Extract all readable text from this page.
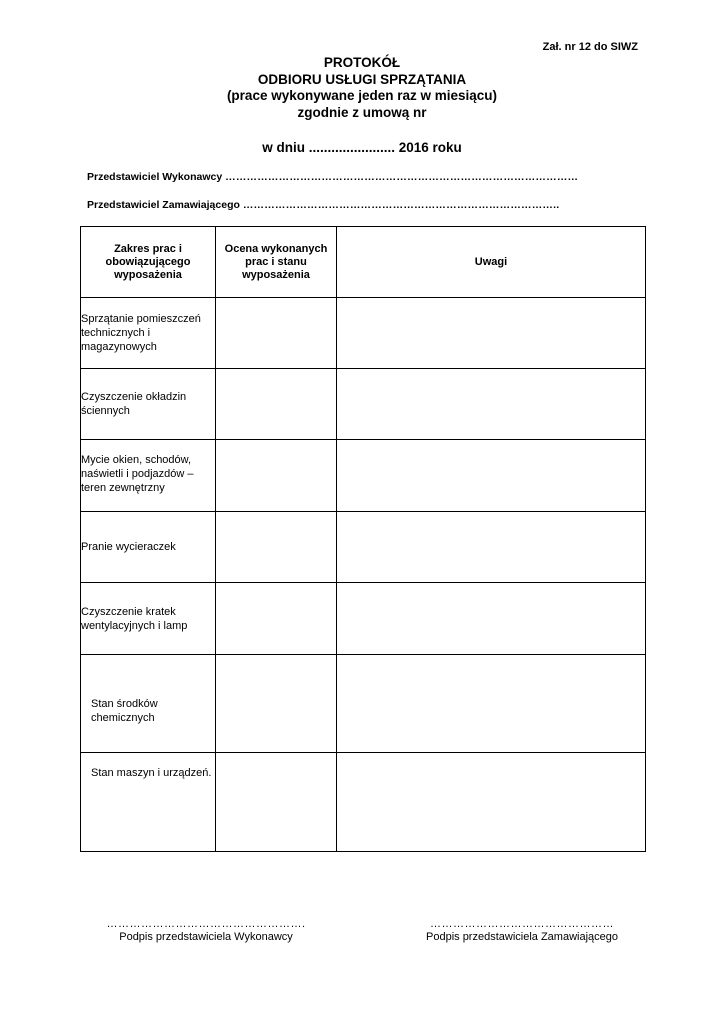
Zał. nr 12 do SIWZ
PROTOKÓŁ
ODBIORU USŁUGI SPRZĄTANIA
(prace wykonywane jeden raz w miesiącu)
zgodnie z umową nr
w dniu ....................... 2016 roku
Przedstawiciel Wykonawcy ………………………………………………………………………………………
Przedstawiciel Zamawiającego ……………………………………………………………………………..
Zakres prac i obowiązującego wyposażenia	Ocena wykonanych prac i stanu wyposażenia	Uwagi
Sprzątanie pomieszczeń technicznych i magazynowych		
Czyszczenie okładzin ściennych		
Mycie okien, schodów, naświetli i podjazdów – teren zewnętrzny		
Pranie wycieraczek		
Czyszczenie kratek wentylacyjnych i lamp		
Stan środków chemicznych		
Stan maszyn i urządzeń.		
…………………………………………….
Podpis przedstawiciela Wykonawcy
…………………………………………
Podpis przedstawiciela Zamawiającego
